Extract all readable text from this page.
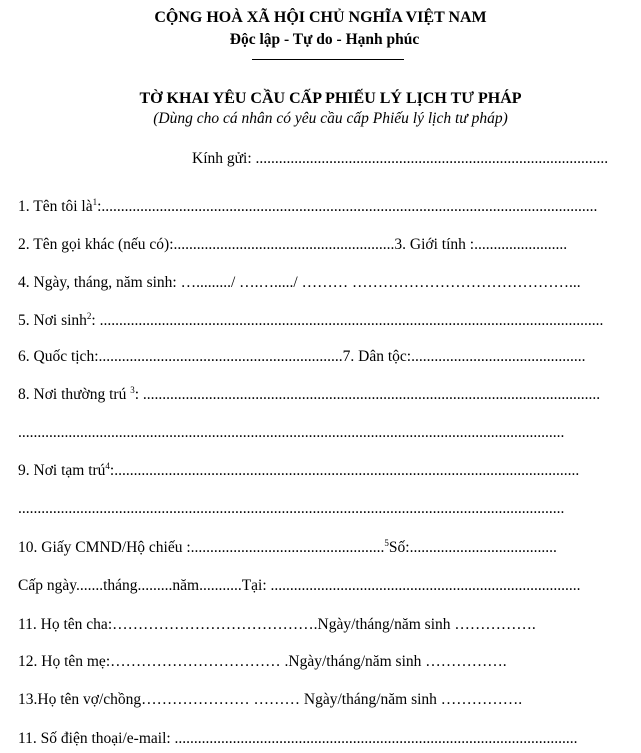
CỘNG HOÀ XÃ HỘI CHỦ NGHĨA VIỆT NAM
Độc lập - Tự do - Hạnh phúc
TỜ KHAI YÊU CẦU CẤP PHIẾU LÝ LỊCH TƯ PHÁP
(Dùng cho cá nhân có yêu cầu cấp Phiếu lý lịch tư pháp)
Kính gửi: ...........................................................................................
1. Tên tôi $là^1$:................................................................................................................................
2. Tên gọi khác (nếu có):.........................................................3. Giới tính :........................
4. Ngày, tháng, năm sinh: …........./ ….…...../ ……… ……………………………………...
5. Nơi $\sinh^2$: ..................................................................................................................................
6. Quốc tịch:...............................................................7. Dân tộc:.............................................
8. Nơi thường trú $^3$: ......................................................................................................................
.............................................................................................................................................
9. Nơi tạm trú$^4$:........................................................................................................................
.............................................................................................................................................
10. Giấy CMND/Hộ chiếu :..................................................$^5$Số:......................................
Cấp ngày.......tháng.........năm...........Tại: ................................................................................
11. Họ tên cha:………………………………….Ngày/tháng/năm sinh …………….
12. Họ tên mẹ:…………………………… .Ngày/tháng/năm sinh …………….
13.Họ tên vợ/chồng………………… ……… Ngày/tháng/năm sinh …………….
11. Số điện thoại/e-mail: ........................................................................................................
